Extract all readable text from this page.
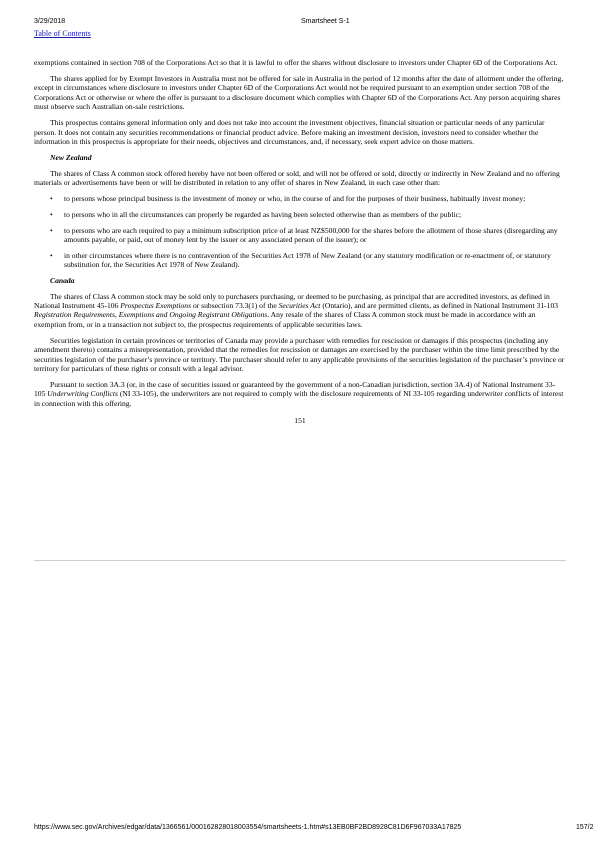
3/29/2018	Smartsheet S-1
Table of Contents

exemptions contained in section 708 of the Corporations Act so that it is lawful to offer the shares without disclosure to investors under Chapter 6D of the Corporations Act.

The shares applied for by Exempt Investors in Australia must not be offered for sale in Australia in the period of 12 months after the date of allotment under the offering, except in circumstances where disclosure to investors under Chapter 6D of the Corporations Act would not be required pursuant to an exemption under section 708 of the Corporations Act or otherwise or where the offer is pursuant to a disclosure document which complies with Chapter 6D of the Corporations Act. Any person acquiring shares must observe such Australian on-sale restrictions.

This prospectus contains general information only and does not take into account the investment objectives, financial situation or particular needs of any particular person. It does not contain any securities recommendations or financial product advice. Before making an investment decision, investors need to consider whether the information in this prospectus is appropriate for their needs, objectives and circumstances, and, if necessary, seek expert advice on those matters.

New Zealand

The shares of Class A common stock offered hereby have not been offered or sold, and will not be offered or sold, directly or indirectly in New Zealand and no offering materials or advertisements have been or will be distributed in relation to any offer of shares in New Zealand, in each case other than:

• to persons whose principal business is the investment of money or who, in the course of and for the purposes of their business, habitually invest money;
• to persons who in all the circumstances can properly be regarded as having been selected otherwise than as members of the public;
• to persons who are each required to pay a minimum subscription price of at least NZ$500,000 for the shares before the allotment of those shares (disregarding any amounts payable, or paid, out of money lent by the issuer or any associated person of the issuer); or
• in other circumstances where there is no contravention of the Securities Act 1978 of New Zealand (or any statutory modification or re-enactment of, or statutory substitution for, the Securities Act 1978 of New Zealand).

Canada

The shares of Class A common stock may be sold only to purchasers purchasing, or deemed to be purchasing, as principal that are accredited investors, as defined in National Instrument 45-106 Prospectus Exemptions or subsection 73.3(1) of the Securities Act (Ontario), and are permitted clients, as defined in National Instrument 31-103 Registration Requirements, Exemptions and Ongoing Registrant Obligations. Any resale of the shares of Class A common stock must be made in accordance with an exemption from, or in a transaction not subject to, the prospectus requirements of applicable securities laws.

Securities legislation in certain provinces or territories of Canada may provide a purchaser with remedies for rescission or damages if this prospectus (including any amendment thereto) contains a misrepresentation, provided that the remedies for rescission or damages are exercised by the purchaser within the time limit prescribed by the securities legislation of the purchaser’s province or territory. The purchaser should refer to any applicable provisions of the securities legislation of the purchaser’s province or territory for particulars of these rights or consult with a legal advisor.

Pursuant to section 3A.3 (or, in the case of securities issued or guaranteed by the government of a non-Canadian jurisdiction, section 3A.4) of National Instrument 33-105 Underwriting Conflicts (NI 33-105), the underwriters are not required to comply with the disclosure requirements of NI 33-105 regarding underwriter conflicts of interest in connection with this offering.

151

https://www.sec.gov/Archives/edgar/data/1366561/000162828018003554/smartsheets-1.htm#s13EB0BF2BD8928C81D6F967033A17825	157/2
